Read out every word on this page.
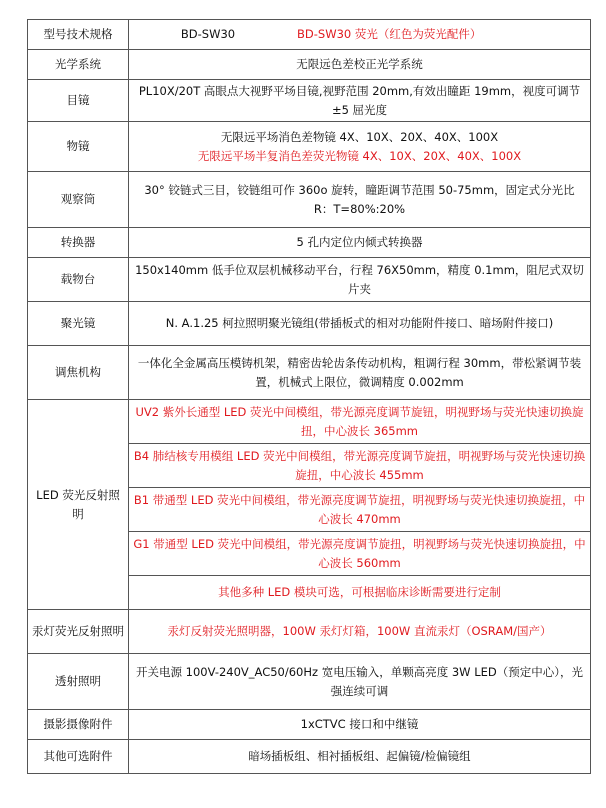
型号技术规格	BD-SW30 BD-SW30 荧光（红色为荧光配件）

光学系统	无限远色差校正光学系统
目镜	PL10X/20T 高眼点大视野平场目镜,视野范围 20mm,有效出瞳距 19mm，视度可调节±5 屈光度
物镜	无限远平场消色差物镜 4X、10X、20X、40X、100X
无限远平场半复消色差荧光物镜 4X、10X、20X、40X、100X

观察筒	30° 铰链式三目，铰链组可作 360o 旋转，瞳距调节范围 50-75mm，固定式分光比 R：T=80%:20%
转换器	5 孔内定位内倾式转换器
载物台	150x140mm 低手位双层机械移动平台，行程 76X50mm，精度 0.1mm，阻尼式双切片夹
聚光镜	N. A.1.25 柯拉照明聚光镜组(带插板式的相对功能附件接口、暗场附件接口)
调焦机构	一体化全金属高压模铸机架，精密齿轮齿条传动机构，粗调行程 30mm，带松紧调节装置，机械式上限位，微调精度 0.002mm
LED 荧光反射照明	UV2 紫外长通型 LED 荧光中间模组，带光源亮度调节旋钮，明视野场与荧光快速切换旋扭，中心波长 365mm
	B4 肺结核专用模组 LED 荧光中间模组，带光源亮度调节旋扭，明视野场与荧光快速切换旋扭，中心波长 455mm
	B1 带通型 LED 荧光中间模组，带光源亮度调节旋扭，明视野场与荧光快速切换旋扭，中心波长 470mm
	G1 带通型 LED 荧光中间模组，带光源亮度调节旋扭，明视野场与荧光快速切换旋扭，中心波长 560mm
	其他多种 LED 模块可选，可根据临床诊断需要进行定制
汞灯荧光反射照明	汞灯反射荧光照明器，100W 汞灯灯箱，100W 直流汞灯（OSRAM/国产）
透射照明	开关电源 100V-240V_AC50/60Hz 宽电压输入，单颗高亮度 3W LED（预定中心），光强连续可调
摄影摄像附件	1xCTVC 接口和中继镜
其他可选附件	暗场插板组、相衬插板组、起偏镜/检偏镜组
